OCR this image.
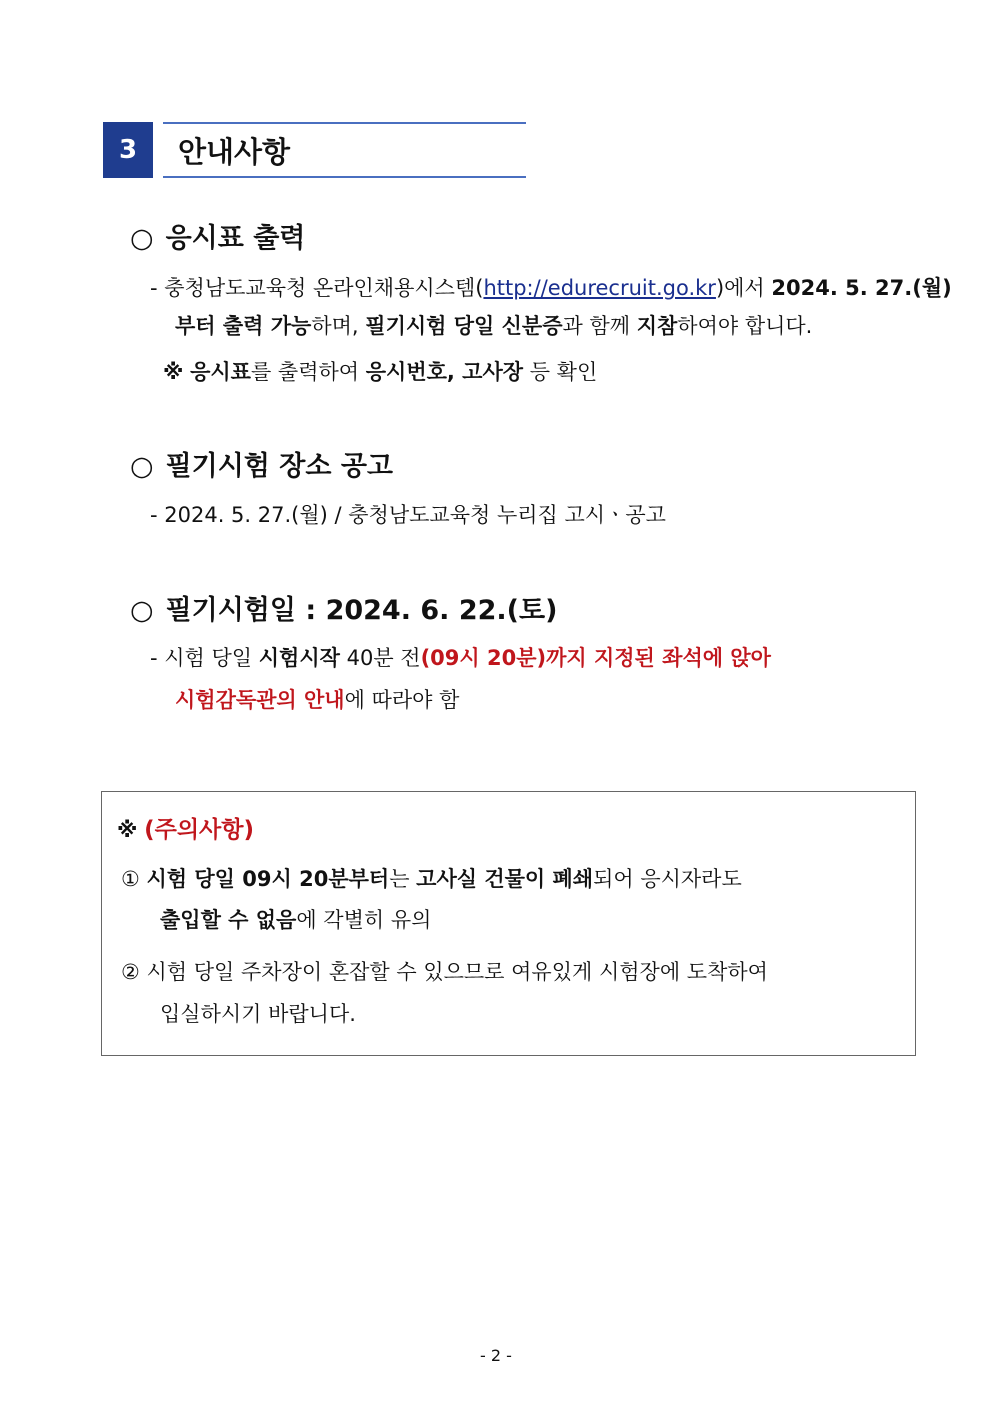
3	안내사항
○ 응시표 출력
- 충청남도교육청 온라인채용시스템(http://edurecruit.go.kr)에서 2024. 5. 27.(월)
부터 출력 가능하며, 필기시험 당일 신분증과 함께 지참하여야 합니다.
※ 응시표를 출력하여 응시번호, 고사장 등 확인
○ 필기시험 장소 공고
- 2024. 5. 27.(월) / 충청남도교육청 누리집 고시ㆍ공고
○ 필기시험일 : 2024. 6. 22.(토)
- 시험 당일 시험시작 40분 전(09시 20분)까지 지정된 좌석에 앉아
시험감독관의 안내에 따라야 함
※ (주의사항)
① 시험 당일 09시 20분부터는 고사실 건물이 폐쇄되어 응시자라도
출입할 수 없음에 각별히 유의
② 시험 당일 주차장이 혼잡할 수 있으므로 여유있게 시험장에 도착하여
입실하시기 바랍니다.
- 2 -
